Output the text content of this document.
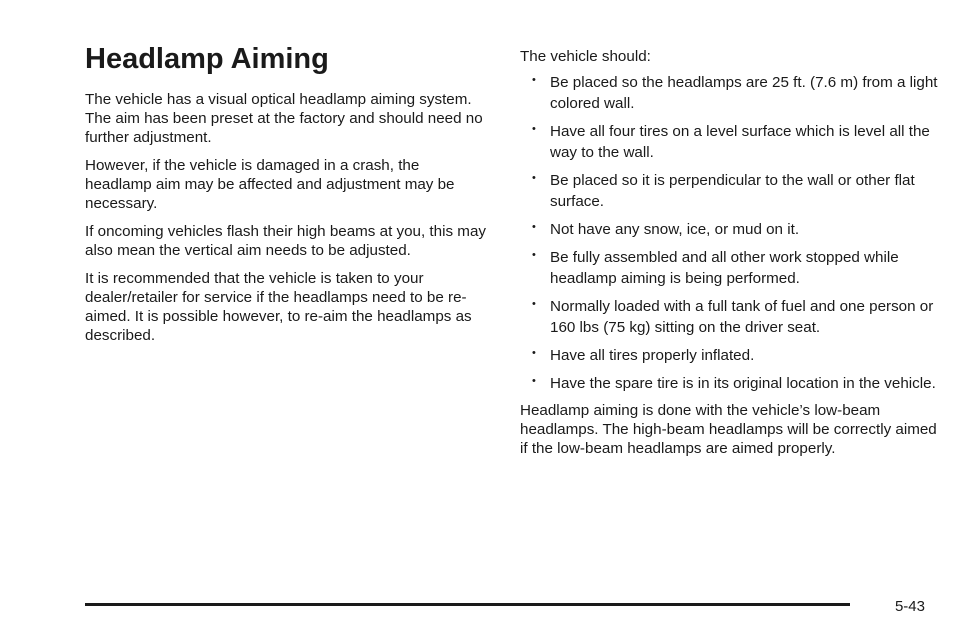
Headlamp Aiming

The vehicle has a visual optical headlamp aiming system. The aim has been preset at the factory and should need no further adjustment.

However, if the vehicle is damaged in a crash, the headlamp aim may be affected and adjustment may be necessary.

If oncoming vehicles flash their high beams at you, this may also mean the vertical aim needs to be adjusted.

It is recommended that the vehicle is taken to your dealer/retailer for service if the headlamps need to be re-aimed. It is possible however, to re-aim the headlamps as described.

The vehicle should:

• Be placed so the headlamps are 25 ft. (7.6 m) from a light colored wall.
• Have all four tires on a level surface which is level all the way to the wall.
• Be placed so it is perpendicular to the wall or other flat surface.
• Not have any snow, ice, or mud on it.
• Be fully assembled and all other work stopped while headlamp aiming is being performed.
• Normally loaded with a full tank of fuel and one person or 160 lbs (75 kg) sitting on the driver seat.
• Have all tires properly inflated.
• Have the spare tire is in its original location in the vehicle.

Headlamp aiming is done with the vehicle’s low-beam headlamps. The high-beam headlamps will be correctly aimed if the low-beam headlamps are aimed properly.

5-43
